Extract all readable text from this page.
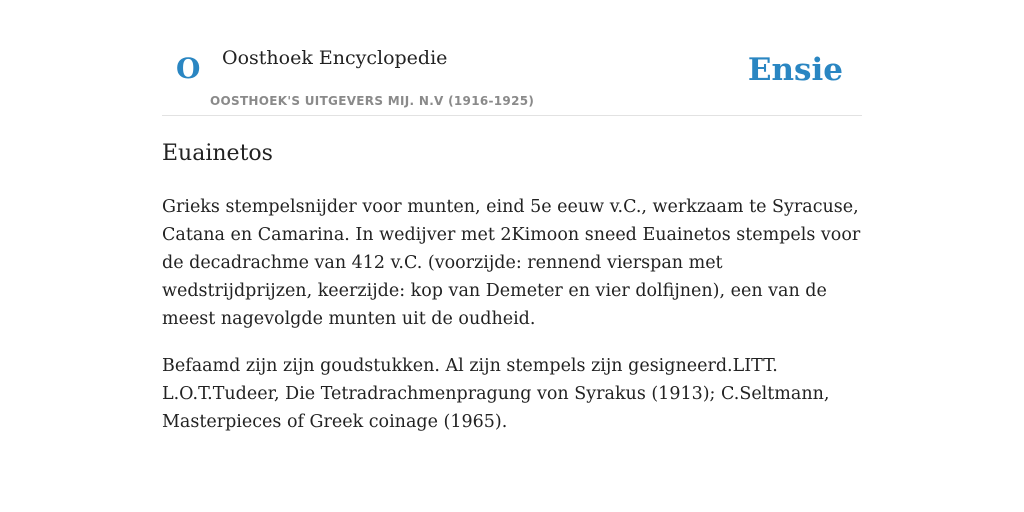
O Oosthoek Encyclopedie
OOSTHOEK'S UITGEVERS MIJ. N.V (1916-1925)
Ensie
Euainetos

Grieks stempelsnijder voor munten, eind 5e eeuw v.C., werkzaam te Syracuse, Catana en Camarina. In wedijver met 2Kimoon sneed Euainetos stempels voor de decadrachme van 412 v.C. (voorzijde: rennend vierspan met wedstrijdprijzen, keerzijde: kop van Demeter en vier dolfijnen), een van de meest nagevolgde munten uit de oudheid.

Befaamd zijn zijn goudstukken. Al zijn stempels zijn gesigneerd.LITT. L.O.T.Tudeer, Die Tetradrachmenpragung von Syrakus (1913); C.Seltmann, Masterpieces of Greek coinage (1965).
